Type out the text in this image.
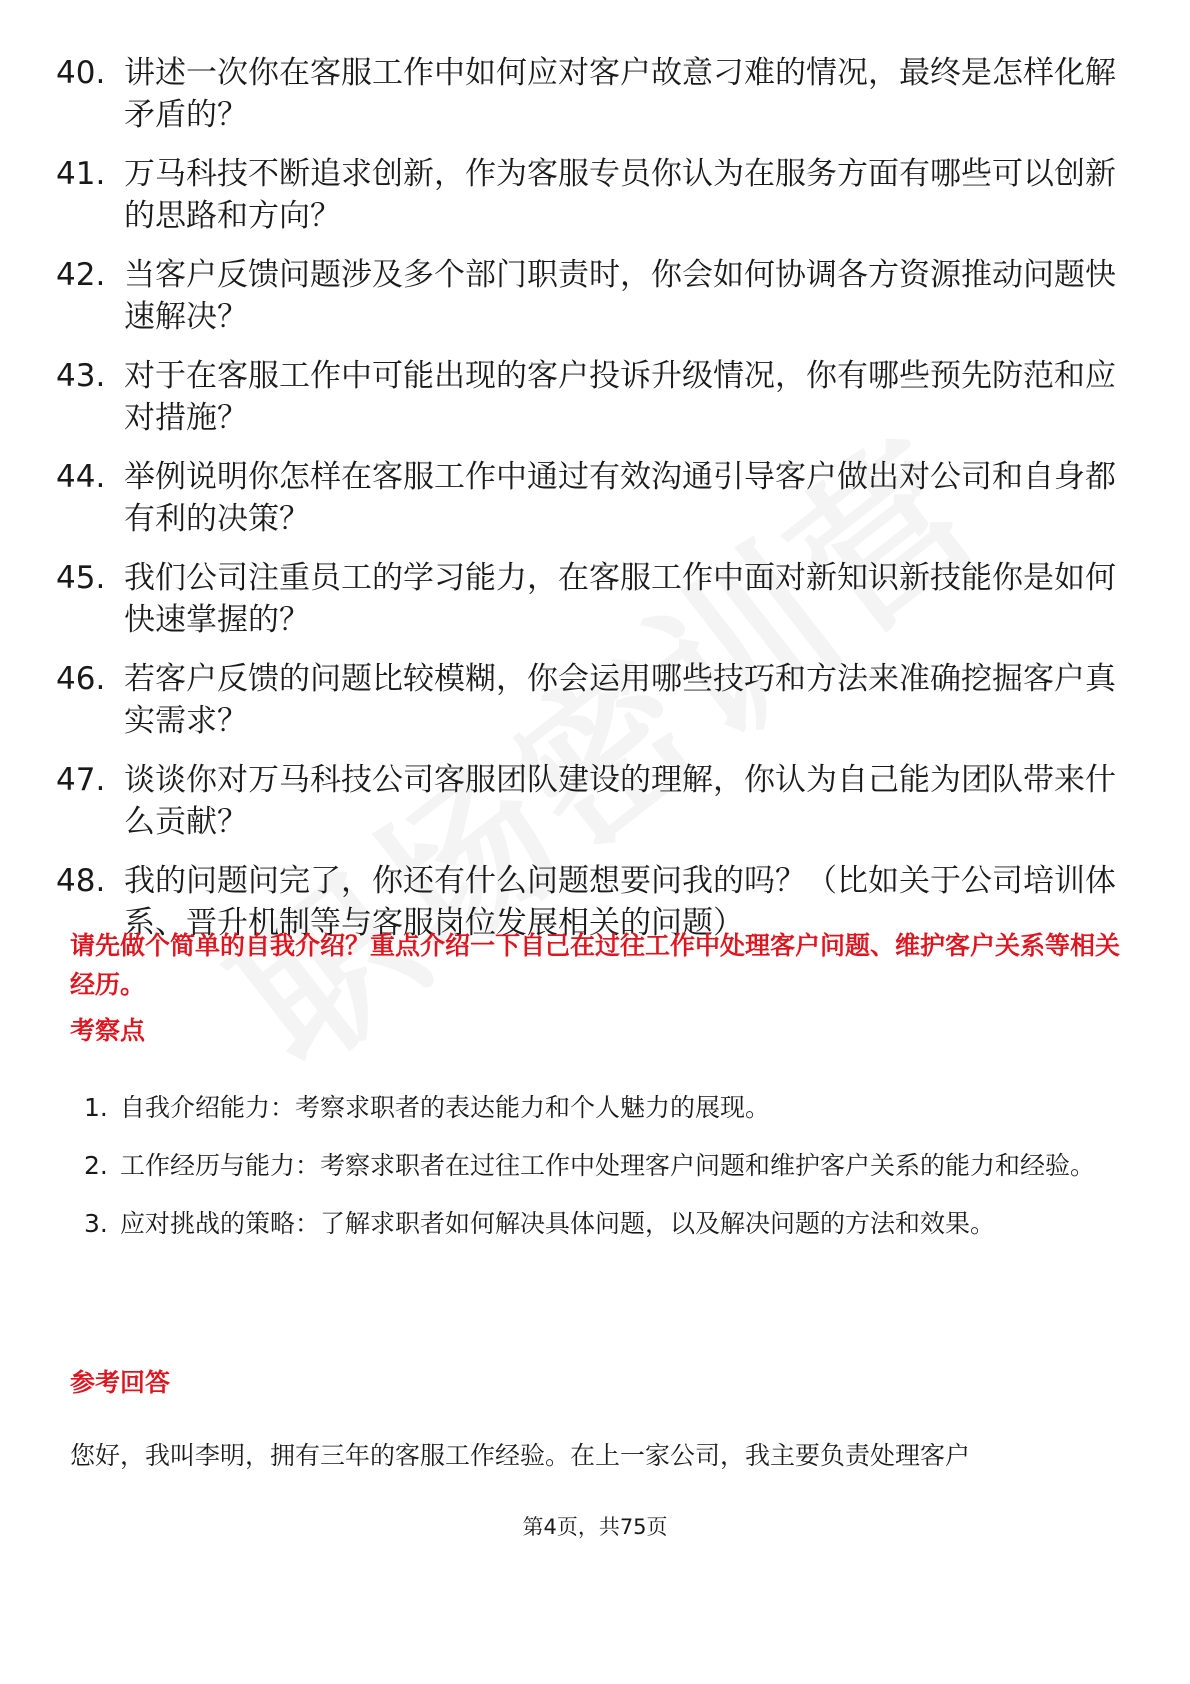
40. 讲述一次你在客服工作中如何应对客户故意刁难的情况，最终是怎样化解矛盾的？
41. 万马科技不断追求创新，作为客服专员你认为在服务方面有哪些可以创新的思路和方向？
42. 当客户反馈问题涉及多个部门职责时，你会如何协调各方资源推动问题快速解决？
43. 对于在客服工作中可能出现的客户投诉升级情况，你有哪些预先防范和应对措施？
44. 举例说明你怎样在客服工作中通过有效沟通引导客户做出对公司和自身都有利的决策？
45. 我们公司注重员工的学习能力，在客服工作中面对新知识新技能你是如何快速掌握的？
46. 若客户反馈的问题比较模糊，你会运用哪些技巧和方法来准确挖掘客户真实需求？
47. 谈谈你对万马科技公司客服团队建设的理解，你认为自己能为团队带来什么贡献？
48. 我的问题问完了，你还有什么问题想要问我的吗？（比如关于公司培训体系、晋升机制等与客服岗位发展相关的问题）
请先做个简单的自我介绍？重点介绍一下自己在过往工作中处理客户问题、维护客户关系等相关经历。
考察点
1. 自我介绍能力：考察求职者的表达能力和个人魅力的展现。
2. 工作经历与能力：考察求职者在过往工作中处理客户问题和维护客户关系的能力和经验。
3. 应对挑战的策略：了解求职者如何解决具体问题，以及解决问题的方法和效果。
参考回答
您好，我叫李明，拥有三年的客服工作经验。在上一家公司，我主要负责处理客户
第4页，共75页
